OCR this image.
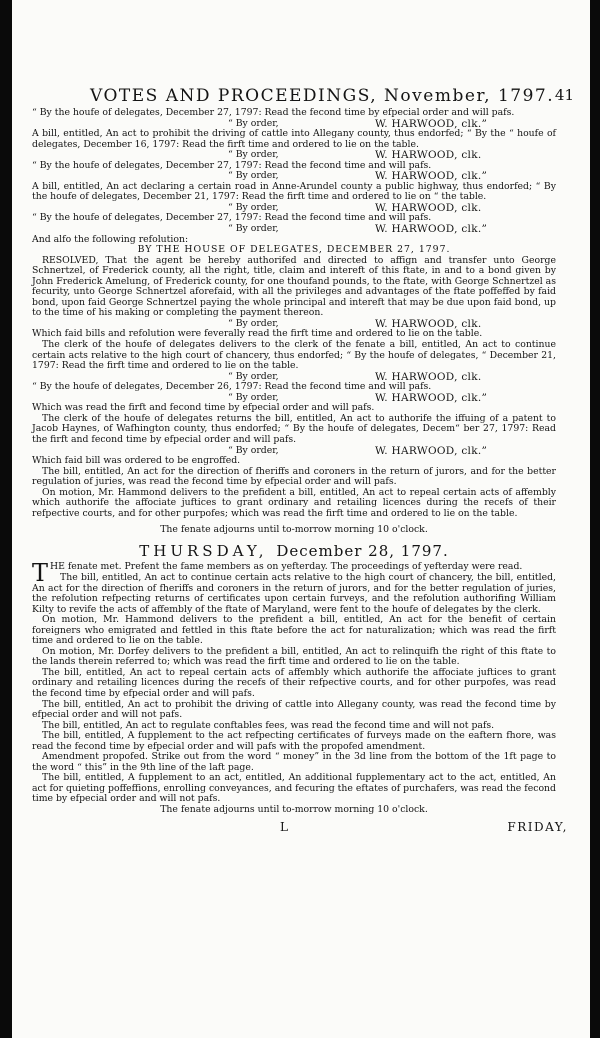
VOTES AND PROCEEDINGS, November, 1797. 41

“ By the houfe of delegates, December 27, 1797: Read the fecond time by efpecial order and will pafs.

“ By order,	W. HARWOOD, clk.”

A bill, entitled, An act to prohibit the driving of cattle into Allegany county, thus endorfed; “ By the “ houfe of delegates, December 16, 1797: Read the firft time and ordered to lie on the table.

“ By order,	W. HARWOOD, clk.

“ By the houfe of delegates, December 27, 1797: Read the fecond time and will pafs.

“ By order,	W. HARWOOD, clk.”

A bill, entitled, An act declaring a certain road in Anne-Arundel county a public highway, thus endorfed; “ By the houfe of delegates, December 21, 1797: Read the firft time and ordered to lie on “ the table.

“ By order,	W. HARWOOD, clk.

“ By the houfe of delegates, December 27, 1797: Read the fecond time and will pafs.

“ By order,	W. HARWOOD, clk.”

And alfo the following refolution:

BY THE HOUSE OF DELEGATES, DECEMBER 27, 1797.

RESOLVED, That the agent be hereby authorifed and directed to affign and transfer unto George Schnertzel, of Frederick county, all the right, title, claim and intereft of this ftate, in and to a bond given by John Frederick Amelung, of Frederick county, for one thoufand pounds, to the ftate, with George Schnertzel as fecurity, unto George Schnertzel aforefaid, with all the privileges and advantages of the ftate poffeffed by faid bond, upon faid George Schnertzel paying the whole principal and intereft that may be due upon faid bond, up to the time of his making or completing the payment thereon.

“ By order,	W. HARWOOD, clk.

Which faid bills and refolution were feverally read the firft time and ordered to lie on the table.

The clerk of the houfe of delegates delivers to the clerk of the fenate a bill, entitled, An act to continue certain acts relative to the high court of chancery, thus endorfed; “ By the houfe of delegates, “ December 21, 1797: Read the firft time and ordered to lie on the table.

“ By order,	W. HARWOOD, clk.

“ By the houfe of delegates, December 26, 1797: Read the fecond time and will pafs.

“ By order,	W. HARWOOD, clk.”

Which was read the firft and fecond time by efpecial order and will pafs.

The clerk of the houfe of delegates returns the bill, entitled, An act to authorife the iffuing of a patent to Jacob Haynes, of Wafhington county, thus endorfed; “ By the houfe of delegates, Decem“ ber 27, 1797: Read the firft and fecond time by efpecial order and will pafs.

“ By order,	W. HARWOOD, clk.”

Which faid bill was ordered to be engroffed.

The bill, entitled, An act for the direction of fheriffs and coroners in the return of jurors, and for the better regulation of juries, was read the fecond time by efpecial order and will pafs.

On motion, Mr. Hammond delivers to the prefident a bill, entitled, An act to repeal certain acts of affembly which authorife the affociate juftices to grant ordinary and retailing licences during the recefs of their refpective courts, and for other purpofes; which was read the firft time and ordered to lie on the table.

The fenate adjourns until to-morrow morning 10 o'clock.

THURSDAY, December 28, 1797.

THE fenate met. Prefent the fame members as on yefterday. The proceedings of yefterday were read.

The bill, entitled, An act to continue certain acts relative to the high court of chancery, the bill, entitled, An act for the direction of fheriffs and coroners in the return of jurors, and for the better regulation of juries, the refolution refpecting returns of certificates upon certain furveys, and the refolution authorifing William Kilty to revife the acts of affembly of the ftate of Maryland, were fent to the houfe of delegates by the clerk.

On motion, Mr. Hammond delivers to the prefident a bill, entitled, An act for the benefit of certain foreigners who emigrated and fettled in this ftate before the act for naturalization; which was read the firft time and ordered to lie on the table.

On motion, Mr. Dorfey delivers to the prefident a bill, entitled, An act to relinquifh the right of this ftate to the lands therein referred to; which was read the firft time and ordered to lie on the table.

The bill, entitled, An act to repeal certain acts of affembly which authorife the affociate juftices to grant ordinary and retailing licences during the recefs of their refpective courts, and for other purpofes, was read the fecond time by efpecial order and will pafs.

The bill, entitled, An act to prohibit the driving of cattle into Allegany county, was read the fecond time by efpecial order and will not pafs.

The bill, entitled, An act to regulate conftables fees, was read the fecond time and will not pafs.

The bill, entitled, A fupplement to the act refpecting certificates of furveys made on the eaftern fhore, was read the fecond time by efpecial order and will pafs with the propofed amendment.

Amendment propofed. Strike out from the word “ money” in the 3d line from the bottom of the 1ft page to the word “ this” in the 9th line of the laft page.

The bill, entitled, A fupplement to an act, entitled, An additional fupplementary act to the act, entitled, An act for quieting poffeffions, enrolling conveyances, and fecuring the eftates of purchafers, was read the fecond time by efpecial order and will not pafs.

The fenate adjourns until to-morrow morning 10 o'clock.

L	FRIDAY,
